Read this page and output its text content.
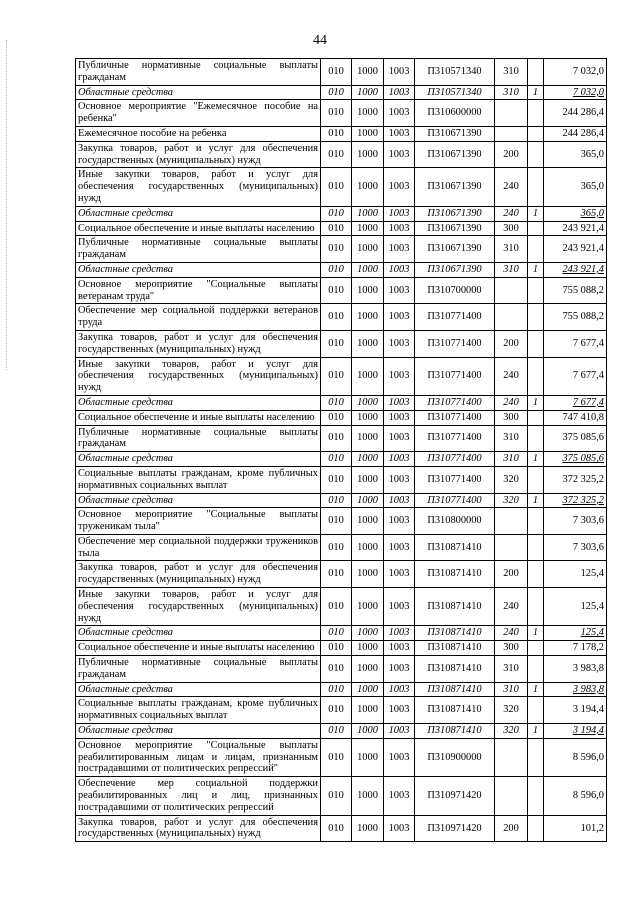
44
Публичные нормативные социальные выплаты гражданам	010	1000	1003	П310571340	310		7 032,0
Областные средства	010	1000	1003	П310571340	310	1	7 032,0
Основное мероприятие "Ежемесячное пособие на ребенка"	010	1000	1003	П310600000			244 286,4
Ежемесячное пособие на ребенка	010	1000	1003	П310671390			244 286,4
Закупка товаров, работ и услуг для обеспечения государственных (муниципальных) нужд	010	1000	1003	П310671390	200		365,0
Иные закупки товаров, работ и услуг для обеспечения государственных (муниципальных) нужд	010	1000	1003	П310671390	240		365,0
Областные средства	010	1000	1003	П310671390	240	1	365,0
Социальное обеспечение и иные выплаты населению	010	1000	1003	П310671390	300		243 921,4
Публичные нормативные социальные выплаты гражданам	010	1000	1003	П310671390	310		243 921,4
Областные средства	010	1000	1003	П310671390	310	1	243 921,4
Основное мероприятие "Социальные выплаты ветеранам труда"	010	1000	1003	П310700000			755 088,2
Обеспечение мер социальной поддержки ветеранов труда	010	1000	1003	П310771400			755 088,2
Закупка товаров, работ и услуг для обеспечения государственных (муниципальных) нужд	010	1000	1003	П310771400	200		7 677,4
Иные закупки товаров, работ и услуг для обеспечения государственных (муниципальных) нужд	010	1000	1003	П310771400	240		7 677,4
Областные средства	010	1000	1003	П310771400	240	1	7 677,4
Социальное обеспечение и иные выплаты населению	010	1000	1003	П310771400	300		747 410,8
Публичные нормативные социальные выплаты гражданам	010	1000	1003	П310771400	310		375 085,6
Областные средства	010	1000	1003	П310771400	310	1	375 085,6
Социальные выплаты гражданам, кроме публичных нормативных социальных выплат	010	1000	1003	П310771400	320		372 325,2
Областные средства	010	1000	1003	П310771400	320	1	372 325,2
Основное мероприятие "Социальные выплаты труженикам тыла"	010	1000	1003	П310800000			7 303,6
Обеспечение мер социальной поддержки тружеников тыла	010	1000	1003	П310871410			7 303,6
Закупка товаров, работ и услуг для обеспечения государственных (муниципальных) нужд	010	1000	1003	П310871410	200		125,4
Иные закупки товаров, работ и услуг для обеспечения государственных (муниципальных) нужд	010	1000	1003	П310871410	240		125,4
Областные средства	010	1000	1003	П310871410	240	1	125,4
Социальное обеспечение и иные выплаты населению	010	1000	1003	П310871410	300		7 178,2
Публичные нормативные социальные выплаты гражданам	010	1000	1003	П310871410	310		3 983,8
Областные средства	010	1000	1003	П310871410	310	1	3 983,8
Социальные выплаты гражданам, кроме публичных нормативных социальных выплат	010	1000	1003	П310871410	320		3 194,4
Областные средства	010	1000	1003	П310871410	320	1	3 194,4
Основное мероприятие "Социальные выплаты реабилитированным лицам и лицам, признанным пострадавшими от политических репрессий"	010	1000	1003	П310900000			8 596,0
Обеспечение мер социальной поддержки реабилитированных лиц и лиц, признанных пострадавшими от политических репрессий	010	1000	1003	П310971420			8 596,0
Закупка товаров, работ и услуг для обеспечения государственных (муниципальных) нужд	010	1000	1003	П310971420	200		101,2
